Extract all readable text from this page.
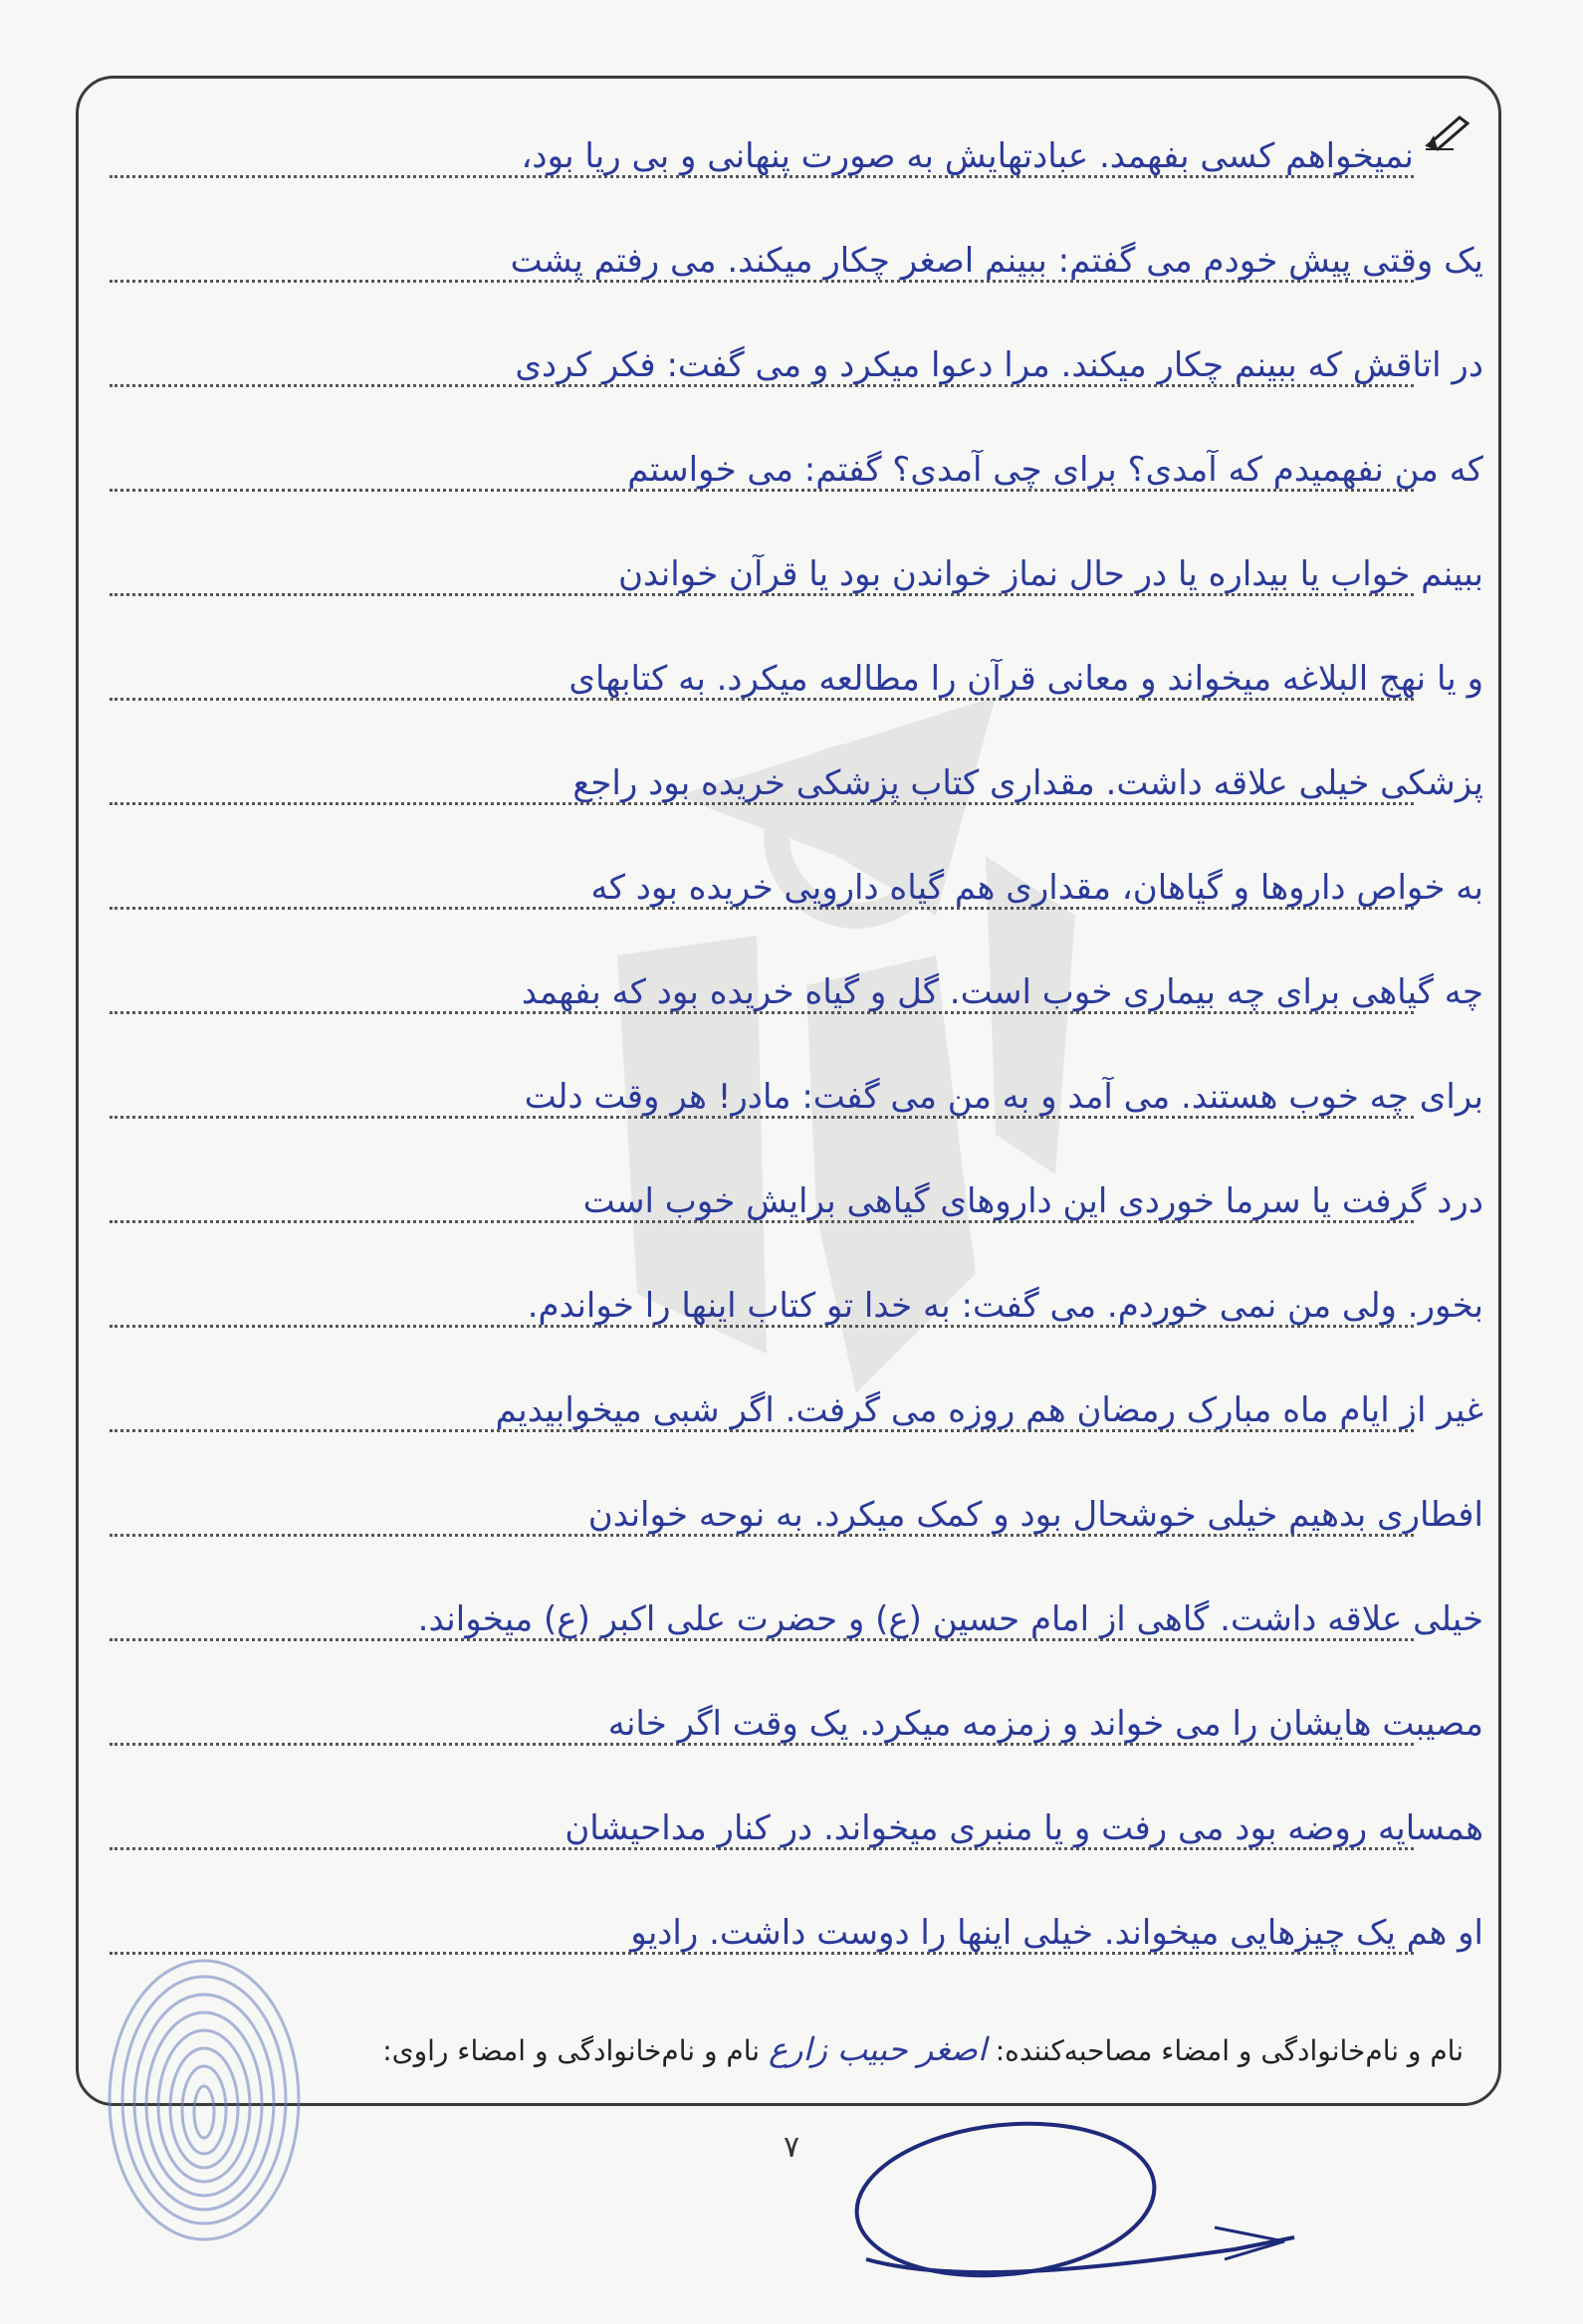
نمیخواهم کسی بفهمد. عبادتهایش به صورت پنهانی و بی ریا بود،
یک وقتی پیش خودم می گفتم: ببینم اصغر چکار میکند. می رفتم پشت
در اتاقش که ببینم چکار میکند. مرا دعوا میکرد و می گفت: فکر کردی
که من نفهمیدم که آمدی؟ برای چی آمدی؟ گفتم: می خواستم
ببینم خواب یا بیداره یا در حال نماز خواندن بود یا قرآن خواندن
و یا نهج البلاغه میخواند و معانی قرآن را مطالعه میکرد. به کتابهای
پزشکی خیلی علاقه داشت. مقداری کتاب پزشکی خریده بود راجع
به خواص داروها و گیاهان، مقداری هم گیاه دارویی خریده بود که
چه گیاهی برای چه بیماری خوب است. گل و گیاه خریده بود که بفهمد
برای چه خوب هستند. می آمد و به من می گفت: مادر! هر وقت دلت
درد گرفت یا سرما خوردی این داروهای گیاهی برایش خوب است
بخور. ولی من نمی خوردم. می گفت: به خدا تو کتاب اینها را خواندم.
غیر از ایام ماه مبارک رمضان هم روزه می گرفت. اگر شبی میخوابیدیم
افطاری بدهیم خیلی خوشحال بود و کمک میکرد. به نوحه خواندن
خیلی علاقه داشت. گاهی از امام حسین (ع) و حضرت علی اکبر (ع) میخواند.
مصیبت هایشان را می خواند و زمزمه میکرد. یک وقت اگر خانه
همسایه روضه بود می رفت و یا منبری میخواند. در کنار مداحیشان
او هم یک چیزهایی میخواند. خیلی اینها را دوست داشت. رادیو
نام و نام‌خانوادگی و امضاء مصاحبه‌کننده: اصغر حبیب زارع نام و نام‌خانوادگی و امضاء راوی:
۷
